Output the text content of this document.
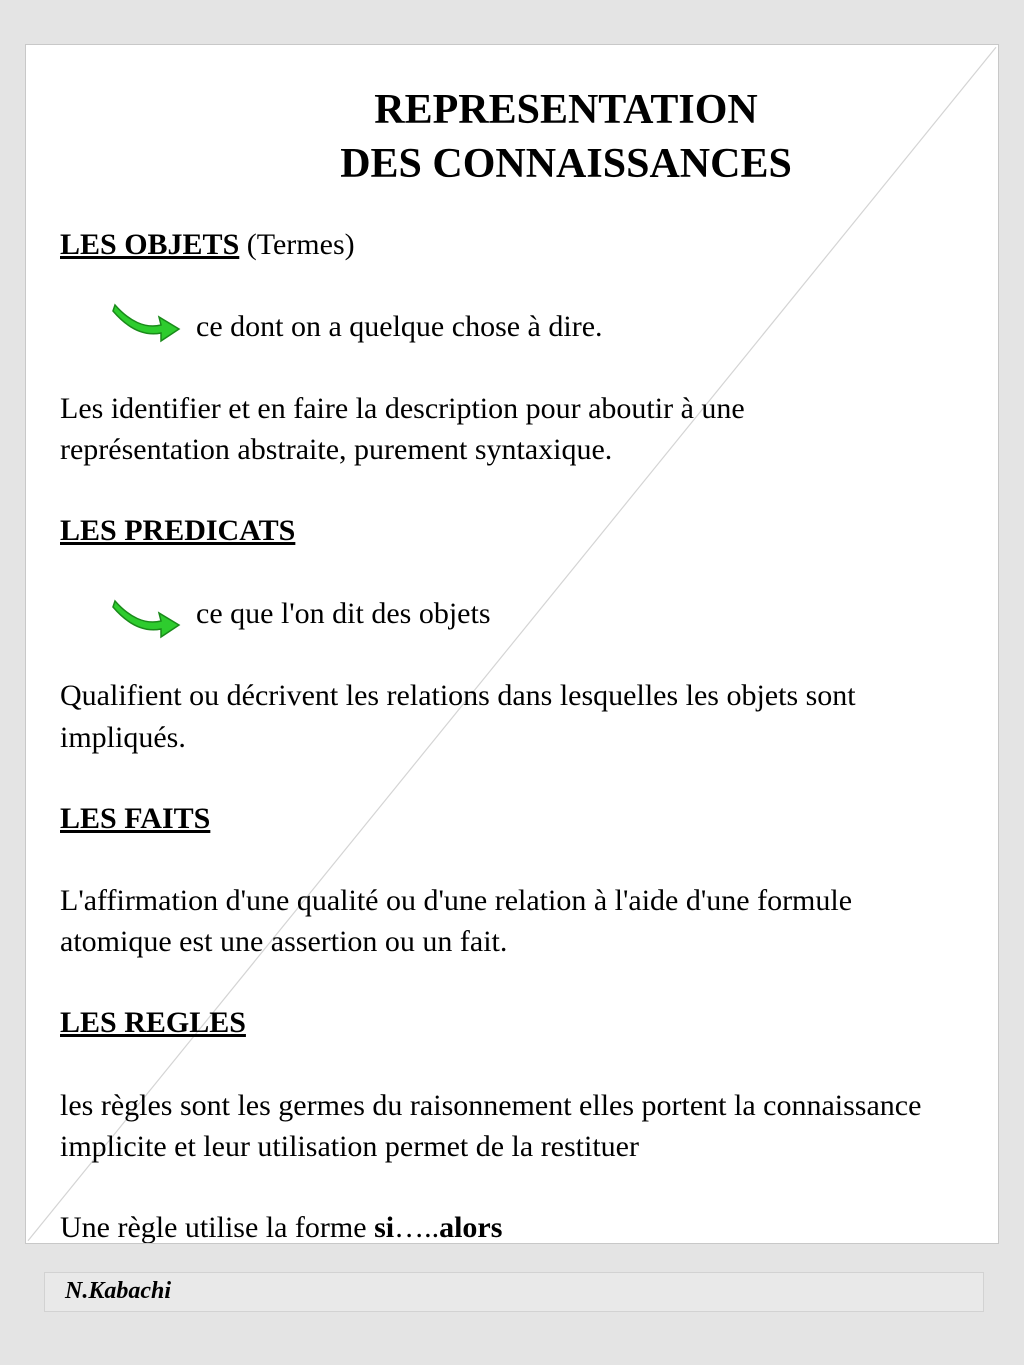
REPRESENTATION
DES CONNAISSANCES
LES OBJETS (Termes)
ce dont on a quelque chose à dire.
Les identifier et en faire la description pour aboutir à une
représentation abstraite, purement syntaxique.
LES PREDICATS
ce que l'on dit des objets
Qualifient ou décrivent les relations dans lesquelles les objets sont
impliqués.
LES FAITS
L'affirmation d'une qualité ou d'une relation à l'aide d'une formule
atomique est une assertion ou un fait.
LES REGLES
les règles sont les germes du raisonnement elles portent la connaissance
implicite et leur utilisation permet de la restituer
Une règle utilise la forme si…..alors
N.Kabachi
